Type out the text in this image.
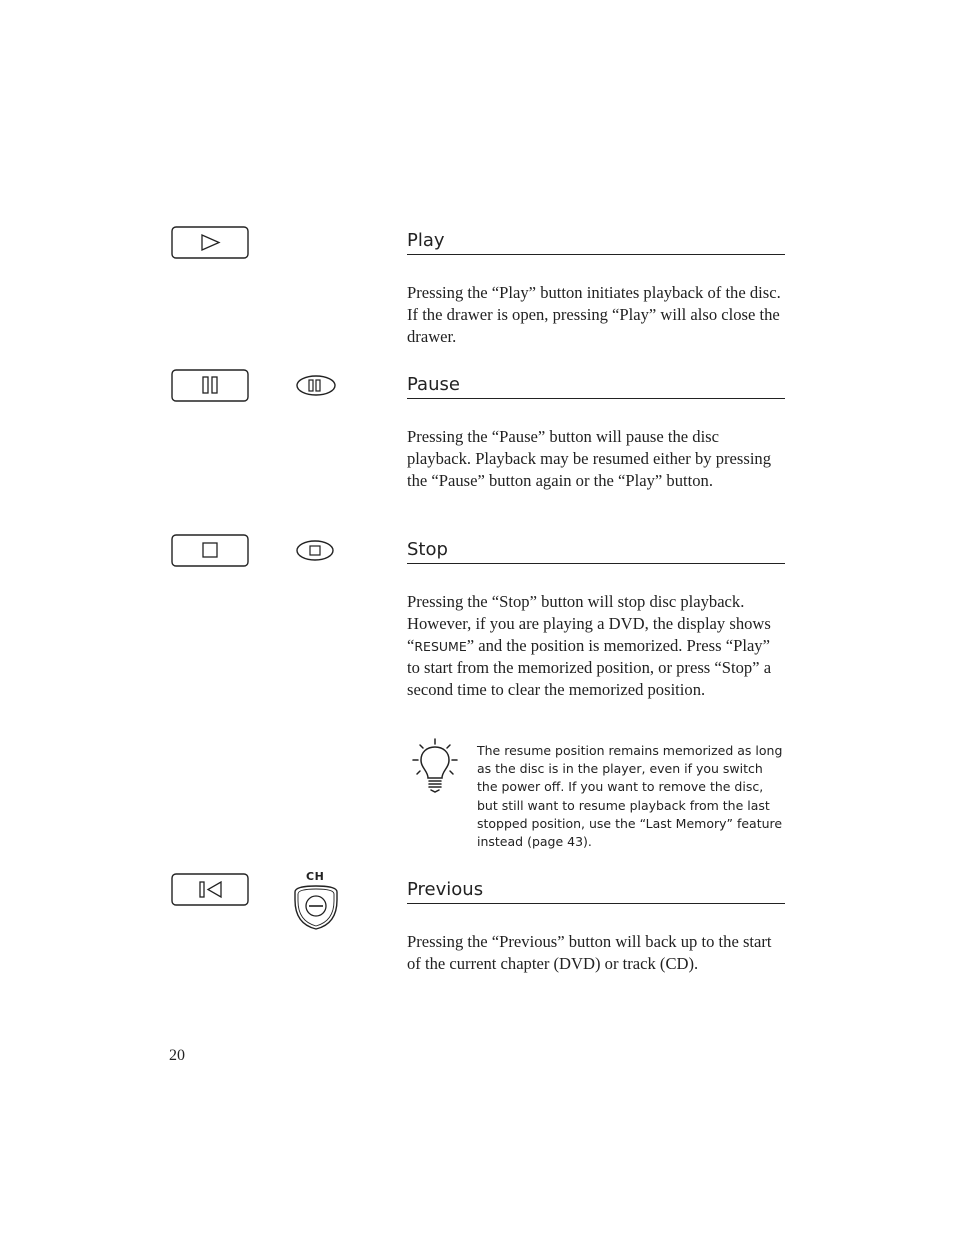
Play
Pressing the “Play” button initiates playback of the disc. If the drawer is open, pressing “Play” will also close the drawer.
Pause
Pressing the “Pause” button will pause the disc playback. Playback may be resumed either by pressing the “Pause” button again or the “Play” button.
Stop
Pressing the “Stop” button will stop disc playback. However, if you are playing a DVD, the display shows “RESUME” and the position is memorized. Press “Play” to start from the memorized position, or press “Stop” a second time to clear the memorized position.
The resume position remains memorized as long as the disc is in the player, even if you switch the power off. If you want to remove the disc, but still want to resume playback from the last stopped position, use the “Last Memory” feature instead (page 43).
CH
Previous
Pressing the “Previous” button will back up to the start of the current chapter (DVD) or track (CD).
20
